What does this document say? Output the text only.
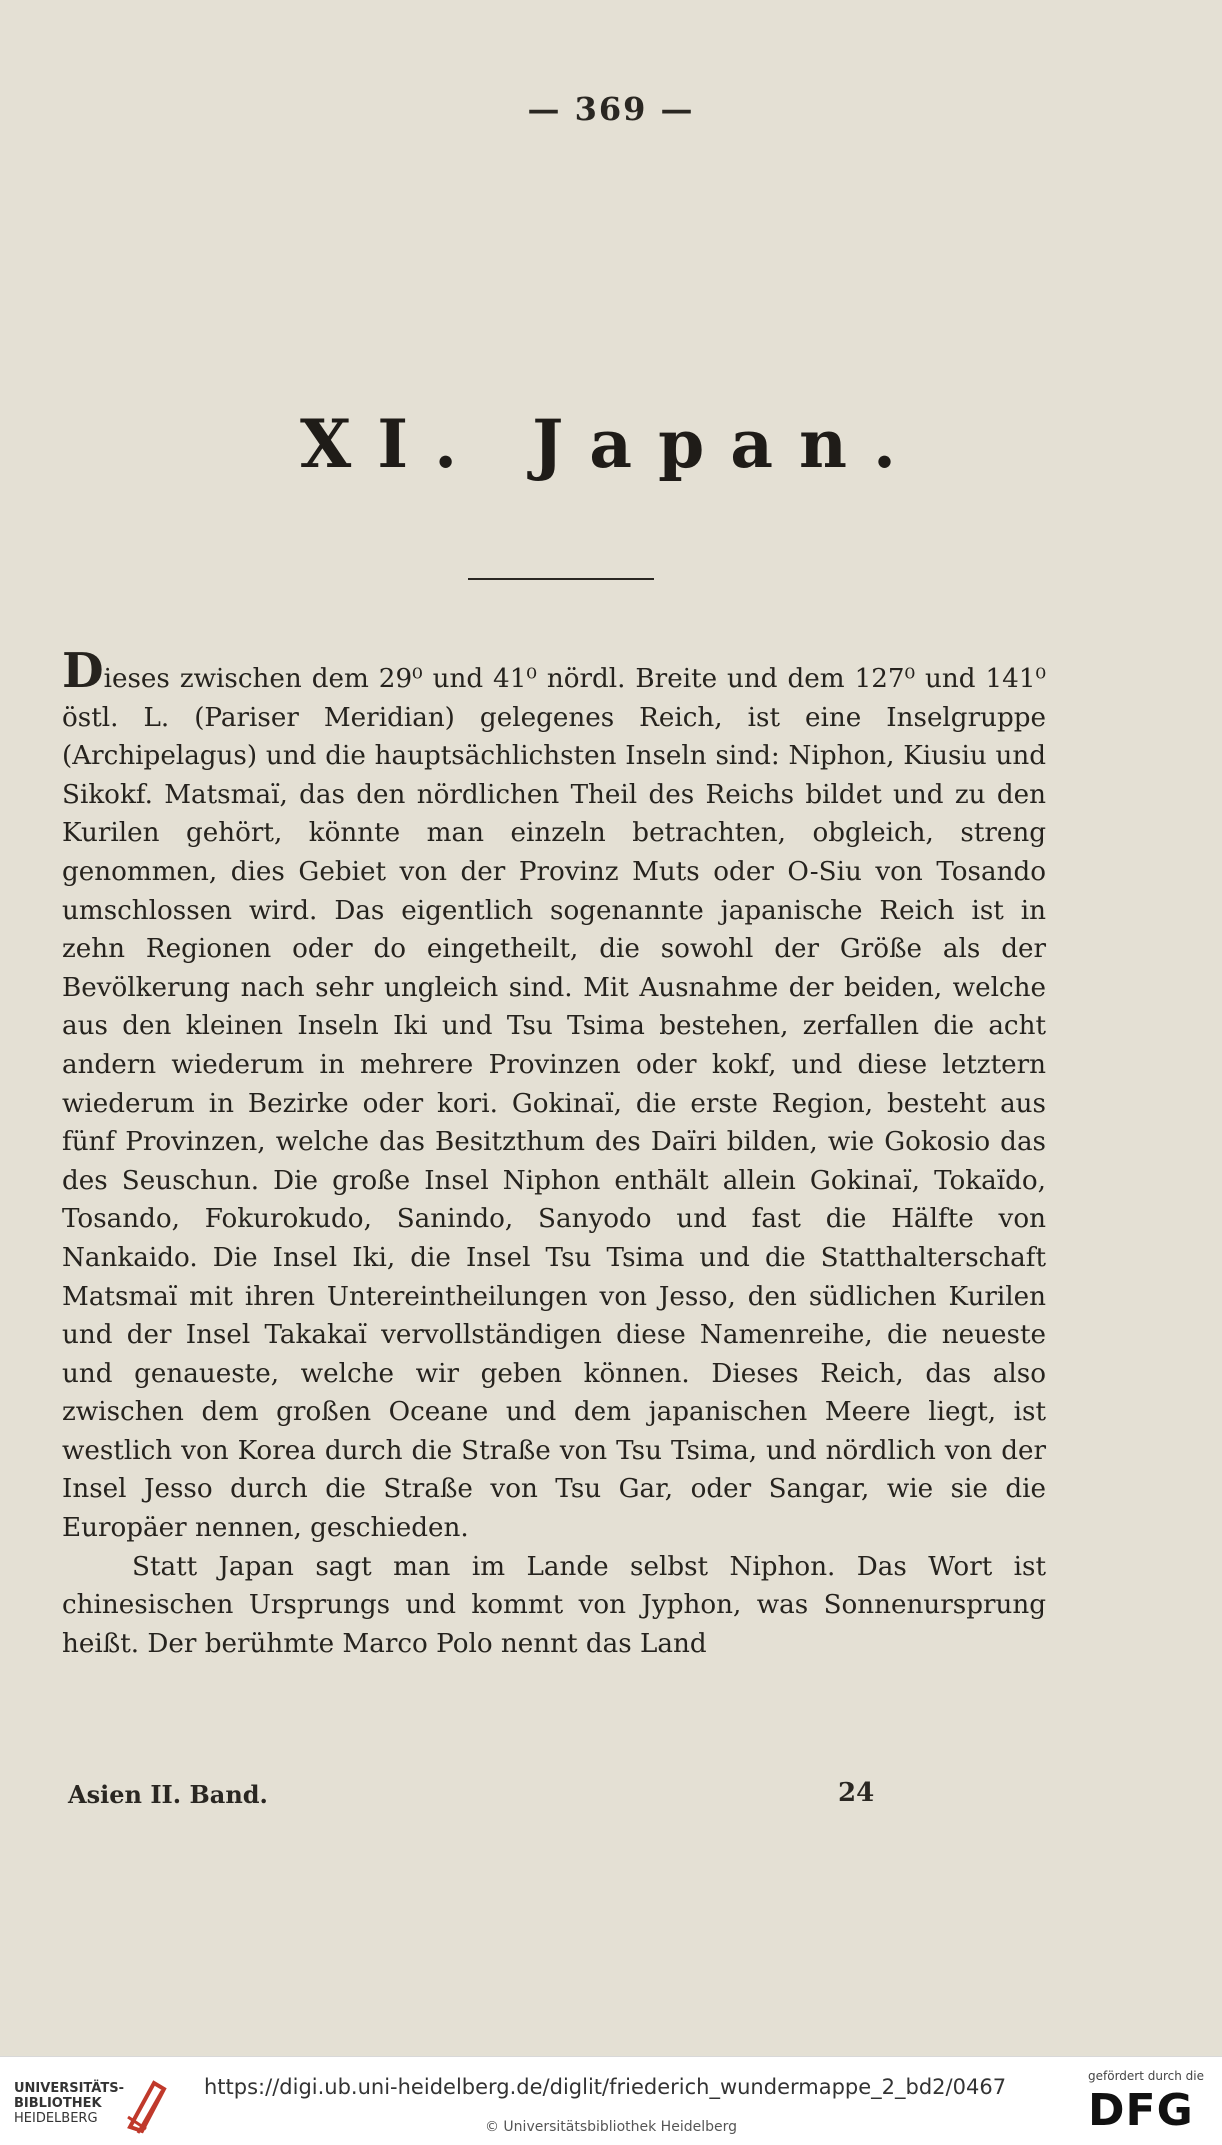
— 369 —
XI. Japan.

Dieses zwischen dem 29⁰ und 41⁰ nördl. Breite und dem 127⁰ und 141⁰ östl. L. (Pariser Meridian) gelegenes Reich, ist eine Inselgruppe (Archipelagus) und die hauptsächlichsten Inseln sind: Niphon, Kiusiu und Sikokf. Matsmaï, das den nördlichen Theil des Reichs bildet und zu den Kurilen gehört, könnte man einzeln betrachten, obgleich, streng genommen, dies Gebiet von der Provinz Muts oder O-Siu von Tosando umschlossen wird. Das eigentlich sogenannte japanische Reich ist in zehn Regionen oder do eingetheilt, die sowohl der Größe als der Bevölkerung nach sehr ungleich sind. Mit Ausnahme der beiden, welche aus den kleinen Inseln Iki und Tsu Tsima bestehen, zerfallen die acht andern wiederum in mehrere Provinzen oder kokf, und diese letztern wiederum in Bezirke oder kori. Gokinaï, die erste Region, besteht aus fünf Provinzen, welche das Besitzthum des Daïri bilden, wie Gokosio das des Seuschun. Die große Insel Niphon enthält allein Gokinaï, Tokaïdo, Tosando, Fokurokudo, Sanindo, Sanyodo und fast die Hälfte von Nankaido. Die Insel Iki, die Insel Tsu Tsima und die Statthalterschaft Matsmaï mit ihren Untereintheilungen von Jesso, den südlichen Kurilen und der Insel Takakaï vervollständigen diese Namenreihe, die neueste und genaueste, welche wir geben können. Dieses Reich, das also zwischen dem großen Oceane und dem japanischen Meere liegt, ist westlich von Korea durch die Straße von Tsu Tsima, und nördlich von der Insel Jesso durch die Straße von Tsu Gar, oder Sangar, wie sie die Europäer nennen, geschieden.

Statt Japan sagt man im Lande selbst Niphon. Das Wort ist chinesischen Ursprungs und kommt von Jyphon, was Sonnenursprung heißt. Der berühmte Marco Polo nennt das Land

Asien II. Band.	24
UNIVERSITÄTS-
BIBLIOTHEK
HEIDELBERG
https://digi.ub.uni-heidelberg.de/diglit/friederich_wundermappe_2_bd2/0467
© Universitätsbibliothek Heidelberg
gefördert durch die
DFG
